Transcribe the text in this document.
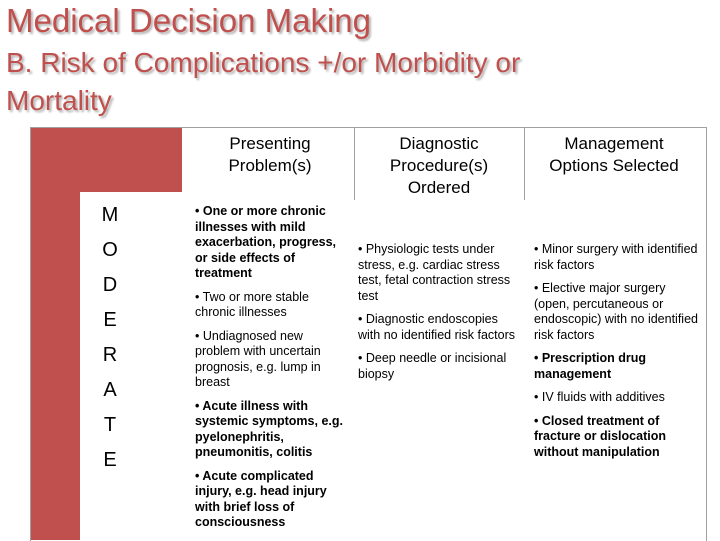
Medical Decision Making
B. Risk of Complications +/or Morbidity or
Mortality
Presenting
Problem(s)
Diagnostic
Procedure(s)
Ordered
Management
Options Selected
M
O
D
E
R
A
T
E

• One or more chronic illnesses with mild exacerbation, progress, or side effects of treatment

• Two or more stable chronic illnesses

• Undiagnosed new problem with uncertain prognosis, e.g. lump in breast

• Acute illness with systemic symptoms, e.g. pyelonephritis, pneumonitis, colitis

• Acute complicated injury, e.g. head injury with brief loss of consciousness

• Physiologic tests under stress, e.g. cardiac stress test, fetal contraction stress test

• Diagnostic endoscopies with no identified risk factors

• Deep needle or incisional biopsy

• Minor surgery with identified risk factors

• Elective major surgery (open, percutaneous or endoscopic) with no identified risk factors

• Prescription drug management

• IV fluids with additives

• Closed treatment of fracture or dislocation without manipulation
